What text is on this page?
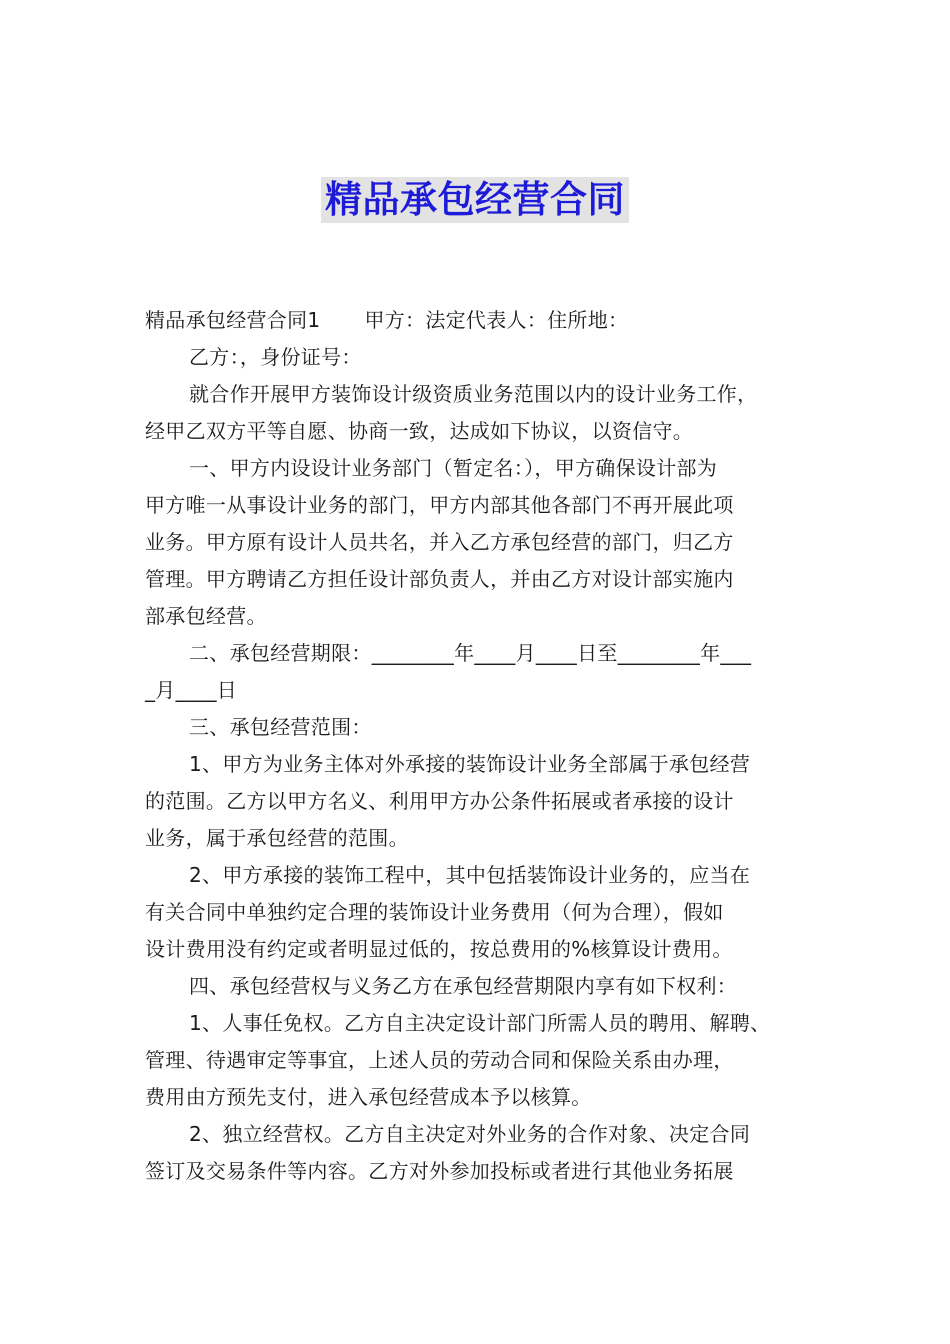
精品承包经营合同
精品承包经营合同1 甲方：法定代表人：住所地：
乙方：，身份证号：
就合作开展甲方装饰设计级资质业务范围以内的设计业务工作，
经甲乙双方平等自愿、协商一致，达成如下协议，以资信守。
一、甲方内设设计业务部门（暂定名：），甲方确保设计部为
甲方唯一从事设计业务的部门，甲方内部其他各部门不再开展此项
业务。甲方原有设计人员共名，并入乙方承包经营的部门，归乙方
管理。甲方聘请乙方担任设计部负责人，并由乙方对设计部实施内
部承包经营。
二、承包经营期限：________年____月____日至________年___
_月____日
三、承包经营范围：
1、甲方为业务主体对外承接的装饰设计业务全部属于承包经营
的范围。乙方以甲方名义、利用甲方办公条件拓展或者承接的设计
业务，属于承包经营的范围。
2、甲方承接的装饰工程中，其中包括装饰设计业务的，应当在
有关合同中单独约定合理的装饰设计业务费用（何为合理），假如
设计费用没有约定或者明显过低的，按总费用的%核算设计费用。
四、承包经营权与义务乙方在承包经营期限内享有如下权利：
1、人事任免权。乙方自主决定设计部门所需人员的聘用、解聘、
管理、待遇审定等事宜，上述人员的劳动合同和保险关系由办理，
费用由方预先支付，进入承包经营成本予以核算。
2、独立经营权。乙方自主决定对外业务的合作对象、决定合同
签订及交易条件等内容。乙方对外参加投标或者进行其他业务拓展
